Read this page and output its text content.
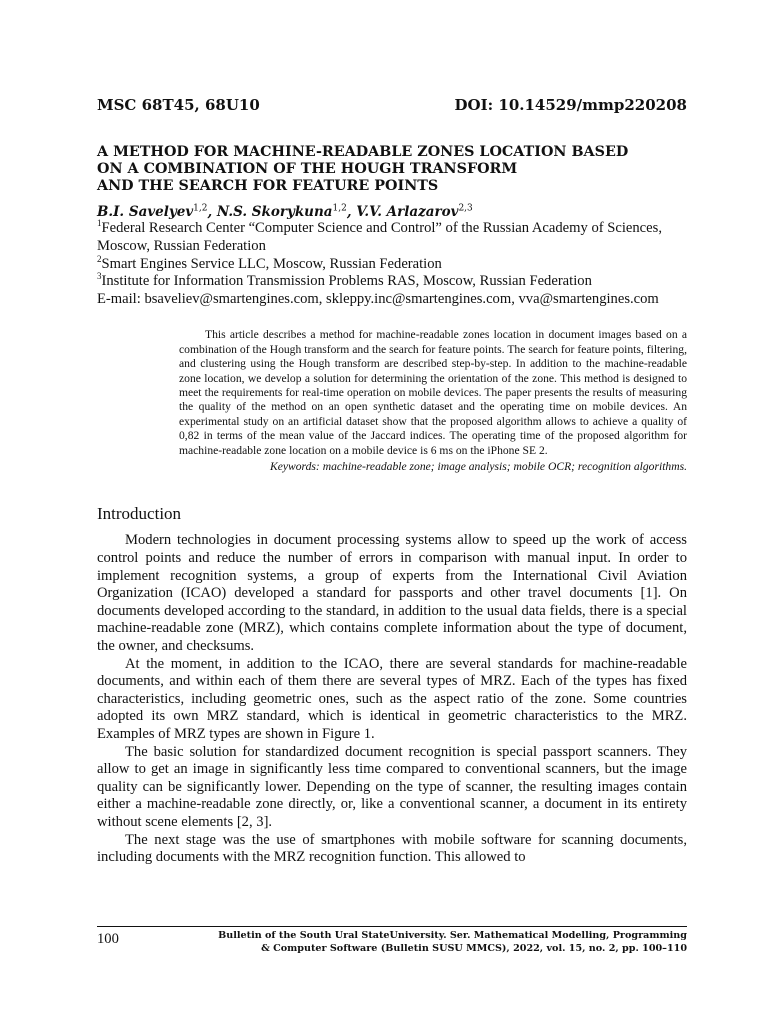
MSC 68T45, 68U10	DOI: 10.14529/mmp220208
A METHOD FOR MACHINE-READABLE ZONES LOCATION BASED
ON A COMBINATION OF THE HOUGH TRANSFORM
AND THE SEARCH FOR FEATURE POINTS
B.I. Savelyev$^{1,2}$, N.S. Skorykuna$^{1,2}$, V.V. Arlazarov$^{2,3}$
$^1$Federal Research Center “Computer Science and Control” of the Russian Academy of Sciences, Moscow, Russian Federation
$^2$Smart Engines Service LLC, Moscow, Russian Federation
$^3$Institute for Information Transmission Problems RAS, Moscow, Russian Federation
E-mail: bsaveliev@smartengines.com, skleppy.inc@smartengines.com, vva@smartengines.com

This article describes a method for machine-readable zones location in document images based on a combination of the Hough transform and the search for feature points. The search for feature points, filtering, and clustering using the Hough transform are described step-by-step. In addition to the machine-readable zone location, we develop a solution for determining the orientation of the zone. This method is designed to meet the requirements for real-time operation on mobile devices. The paper presents the results of measuring the quality of the method on an open synthetic dataset and the operating time on mobile devices. An experimental study on an artificial dataset show that the proposed algorithm allows to achieve a quality of 0,82 in terms of the mean value of the Jaccard indices. The operating time of the proposed algorithm for machine-readable zone location on a mobile device is 6 ms on the iPhone SE 2.

Keywords: machine-readable zone; image analysis; mobile OCR; recognition algorithms.
Introduction

Modern technologies in document processing systems allow to speed up the work of access control points and reduce the number of errors in comparison with manual input. In order to implement recognition systems, a group of experts from the International Civil Aviation Organization (ICAO) developed a standard for passports and other travel documents [1]. On documents developed according to the standard, in addition to the usual data fields, there is a special machine-readable zone (MRZ), which contains complete information about the type of document, the owner, and checksums.

At the moment, in addition to the ICAO, there are several standards for machine-readable documents, and within each of them there are several types of MRZ. Each of the types has fixed characteristics, including geometric ones, such as the aspect ratio of the zone. Some countries adopted its own MRZ standard, which is identical in geometric characteristics to the MRZ. Examples of MRZ types are shown in Figure 1.

The basic solution for standardized document recognition is special passport scanners. They allow to get an image in significantly less time compared to conventional scanners, but the image quality can be significantly lower. Depending on the type of scanner, the resulting images contain either a machine-readable zone directly, or, like a conventional scanner, a document in its entirety without scene elements [2, 3].

The next stage was the use of smartphones with mobile software for scanning documents, including documents with the MRZ recognition function. This allowed to

100	Bulletin of the South Ural StateUniversity. Ser. Mathematical Modelling, Programming
& Computer Software (Bulletin SUSU MMCS), 2022, vol. 15, no. 2, pp. 100–110
